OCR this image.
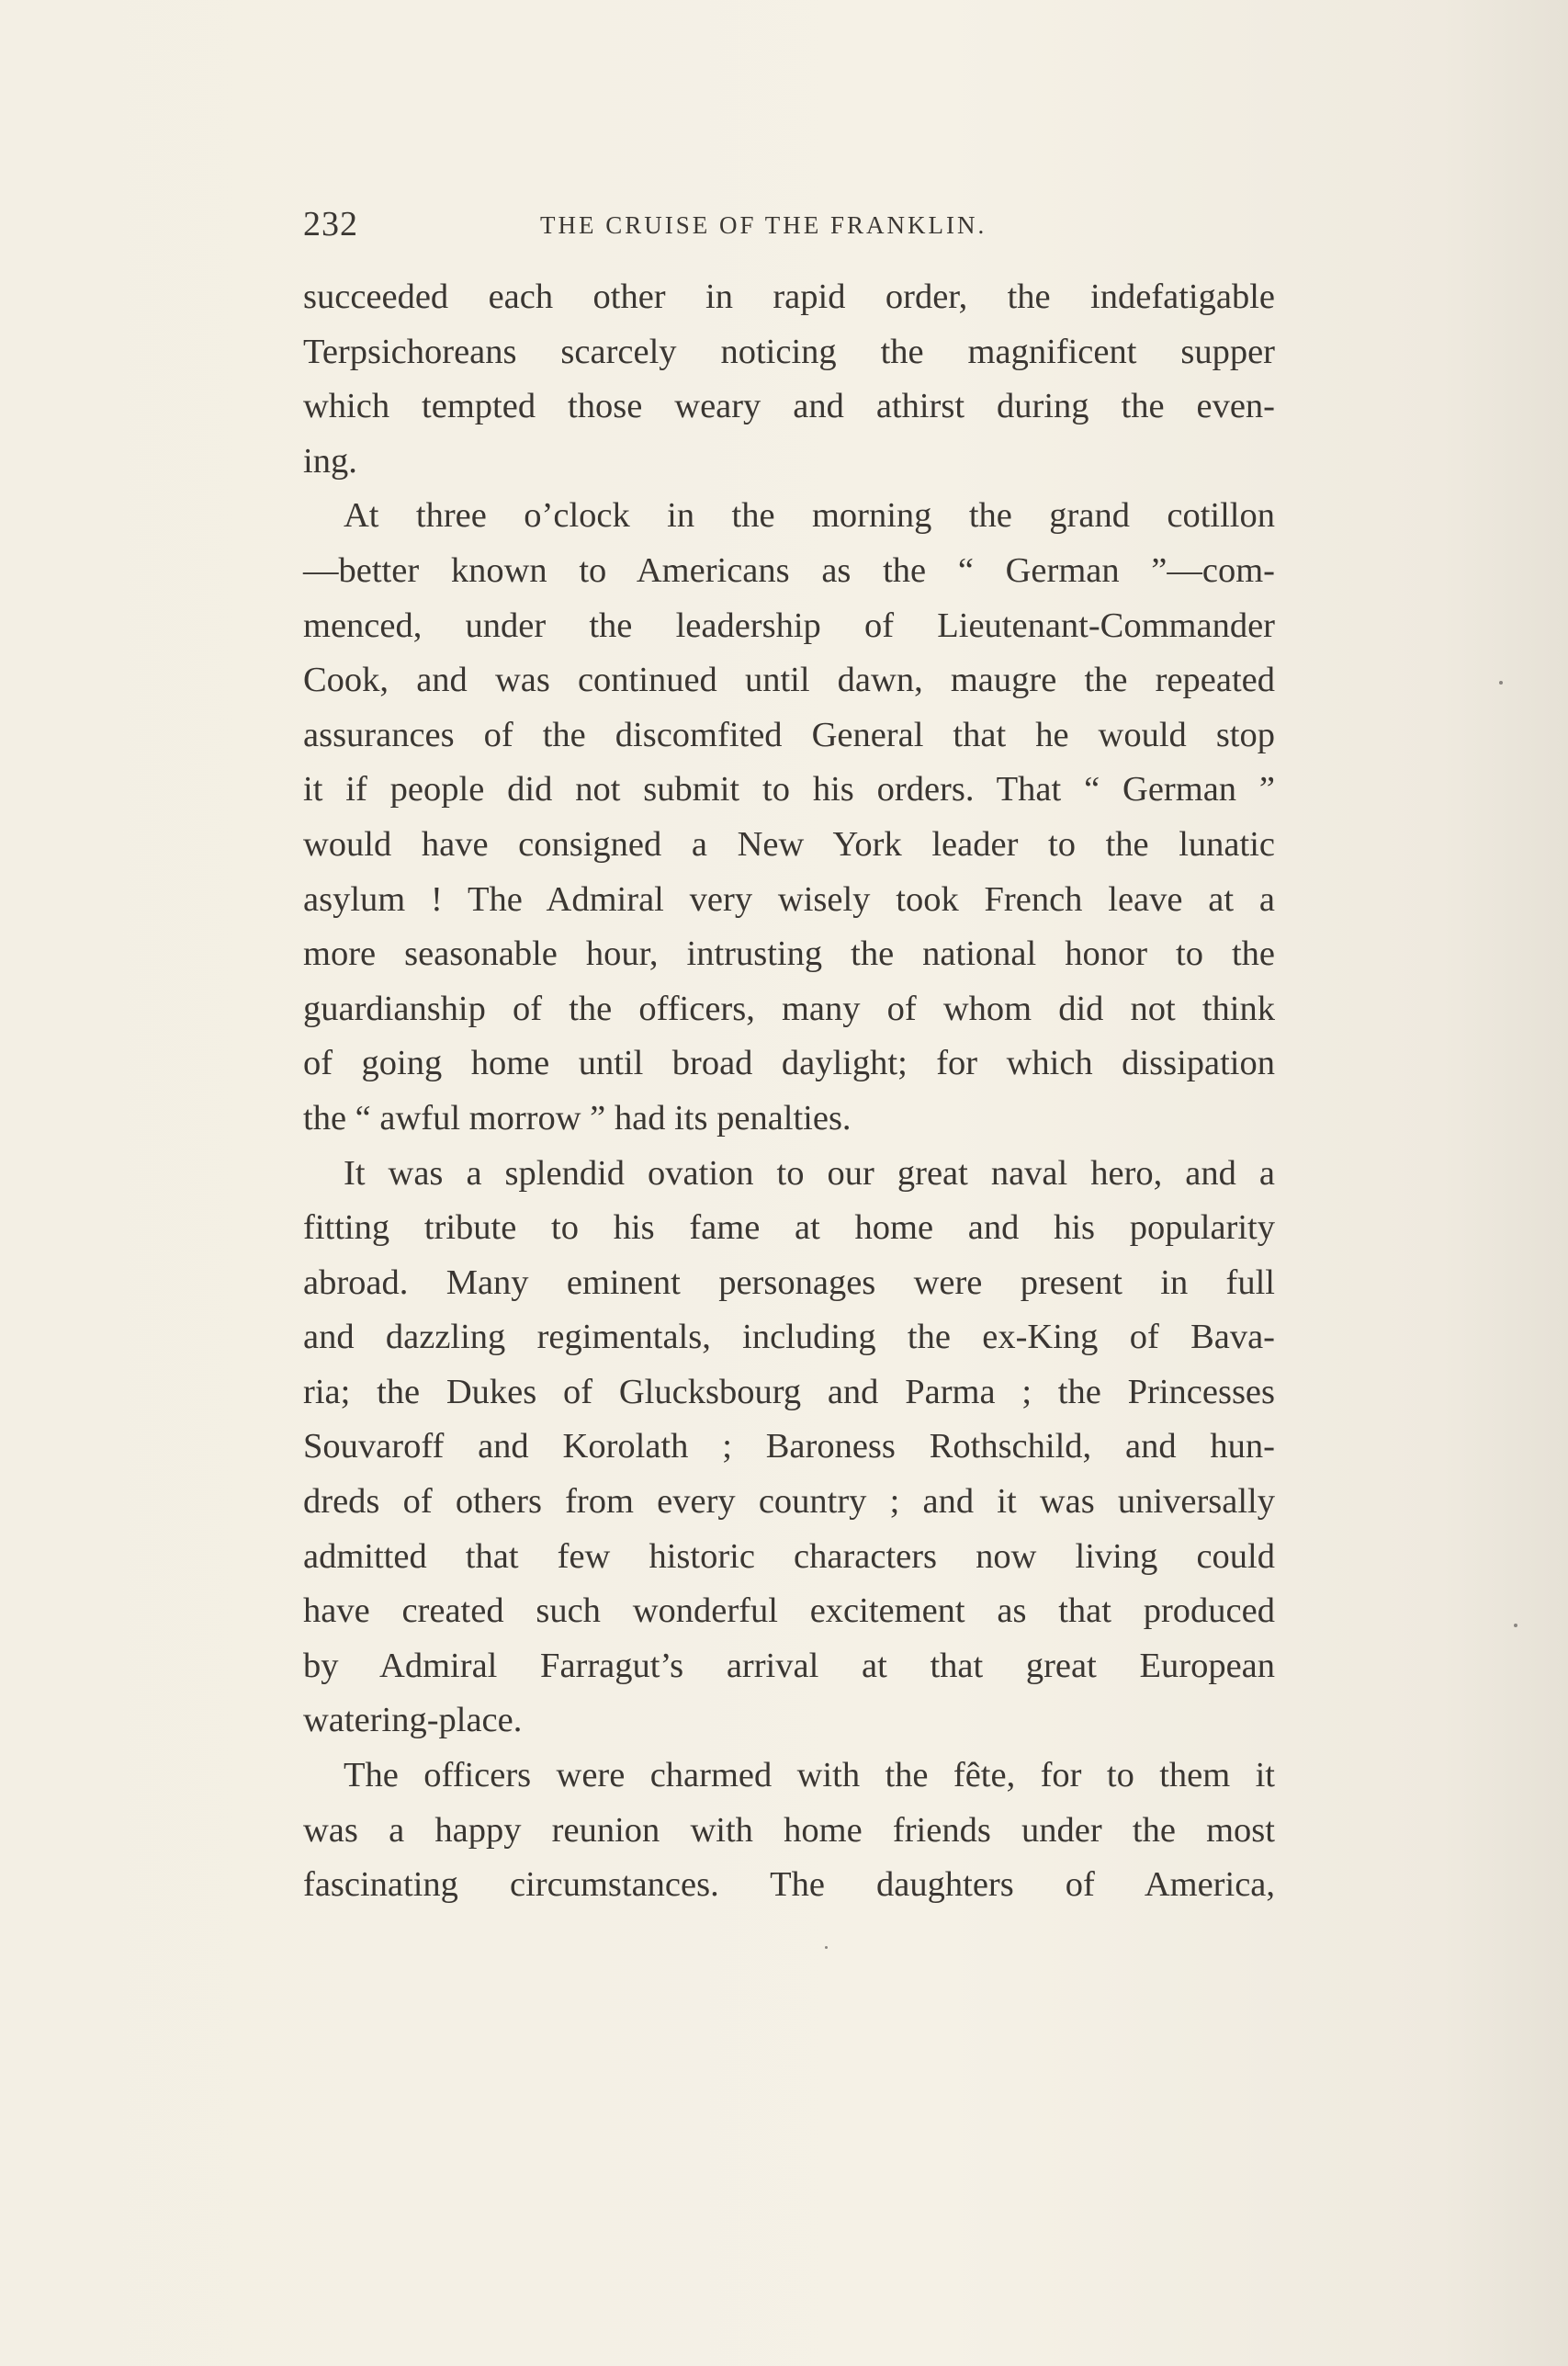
232	THE CRUISE OF THE FRANKLIN.
succeeded each other in rapid order, the indefatigable
Terpsichoreans scarcely noticing the magnificent supper
which tempted those weary and athirst during the even-
ing.
At three o’clock in the morning the grand cotillon
—better known to Americans as the “ German ”—com-
menced, under the leadership of Lieutenant-Commander
Cook, and was continued until dawn, maugre the repeated
assurances of the discomfited General that he would stop
it if people did not submit to his orders. That “ German ”
would have consigned a New York leader to the lunatic
asylum ! The Admiral very wisely took French leave at a
more seasonable hour, intrusting the national honor to the
guardianship of the officers, many of whom did not think
of going home until broad daylight; for which dissipation
the “ awful morrow ” had its penalties.
It was a splendid ovation to our great naval hero, and a
fitting tribute to his fame at home and his popularity
abroad. Many eminent personages were present in full
and dazzling regimentals, including the ex-King of Bava-
ria; the Dukes of Glucksbourg and Parma ; the Princesses
Souvaroff and Korolath ; Baroness Rothschild, and hun-
dreds of others from every country ; and it was universally
admitted that few historic characters now living could
have created such wonderful excitement as that produced
by Admiral Farragut’s arrival at that great European
watering-place.
The officers were charmed with the fête, for to them it
was a happy reunion with home friends under the most
fascinating circumstances. The daughters of America,
